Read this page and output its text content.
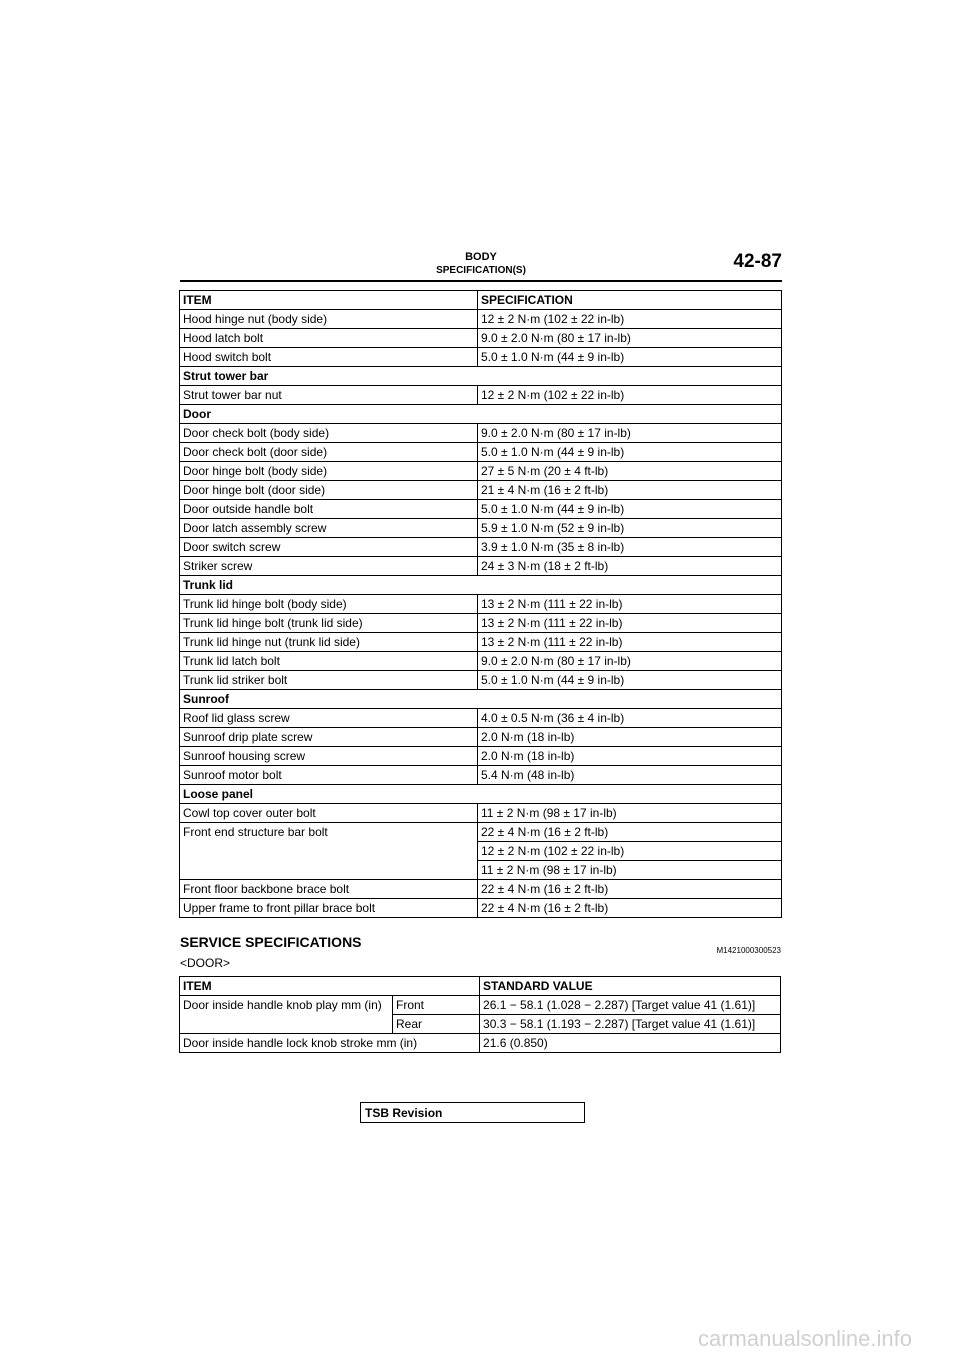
BODY
SPECIFICATION(S)	42-87
ITEM	SPECIFICATION
Hood hinge nut (body side)	12 ± 2 N·m (102 ± 22 in-lb)
Hood latch bolt	9.0 ± 2.0 N·m (80 ± 17 in-lb)
Hood switch bolt	5.0 ± 1.0 N·m (44 ± 9 in-lb)
Strut tower bar	
Strut tower bar nut	12 ± 2 N·m (102 ± 22 in-lb)
Door	
Door check bolt (body side)	9.0 ± 2.0 N·m (80 ± 17 in-lb)
Door check bolt (door side)	5.0 ± 1.0 N·m (44 ± 9 in-lb)
Door hinge bolt (body side)	27 ± 5 N·m (20 ± 4 ft-lb)
Door hinge bolt (door side)	21 ± 4 N·m (16 ± 2 ft-lb)
Door outside handle bolt	5.0 ± 1.0 N·m (44 ± 9 in-lb)
Door latch assembly screw	5.9 ± 1.0 N·m (52 ± 9 in-lb)
Door switch screw	3.9 ± 1.0 N·m (35 ± 8 in-lb)
Striker screw	24 ± 3 N·m (18 ± 2 ft-lb)
Trunk lid	
Trunk lid hinge bolt (body side)	13 ± 2 N·m (111 ± 22 in-lb)
Trunk lid hinge bolt (trunk lid side)	13 ± 2 N·m (111 ± 22 in-lb)
Trunk lid hinge nut (trunk lid side)	13 ± 2 N·m (111 ± 22 in-lb)
Trunk lid latch bolt	9.0 ± 2.0 N·m (80 ± 17 in-lb)
Trunk lid striker bolt	5.0 ± 1.0 N·m (44 ± 9 in-lb)
Sunroof	
Roof lid glass screw	4.0 ± 0.5 N·m (36 ± 4 in-lb)
Sunroof drip plate screw	2.0 N·m (18 in-lb)
Sunroof housing screw	2.0 N·m (18 in-lb)
Sunroof motor bolt	5.4 N·m (48 in-lb)
Loose panel	
Cowl top cover outer bolt	11 ± 2 N·m (98 ± 17 in-lb)
Front end structure bar bolt	22 ± 4 N·m (16 ± 2 ft-lb)
	12 ± 2 N·m (102 ± 22 in-lb)
	11 ± 2 N·m (98 ± 17 in-lb)
Front floor backbone brace bolt	22 ± 4 N·m (16 ± 2 ft-lb)
Upper frame to front pillar brace bolt	22 ± 4 N·m (16 ± 2 ft-lb)
SERVICE SPECIFICATIONS
M1421000300523
<DOOR>
ITEM		STANDARD VALUE
Door inside handle knob play mm (in)	Front	26.1 − 58.1 (1.028 − 2.287) [Target value 41 (1.61)]
	Rear	30.3 − 58.1 (1.193 − 2.287) [Target value 41 (1.61)]
Door inside handle lock knob stroke mm (in)		21.6 (0.850)
TSB Revision
carmanualsonline.info
